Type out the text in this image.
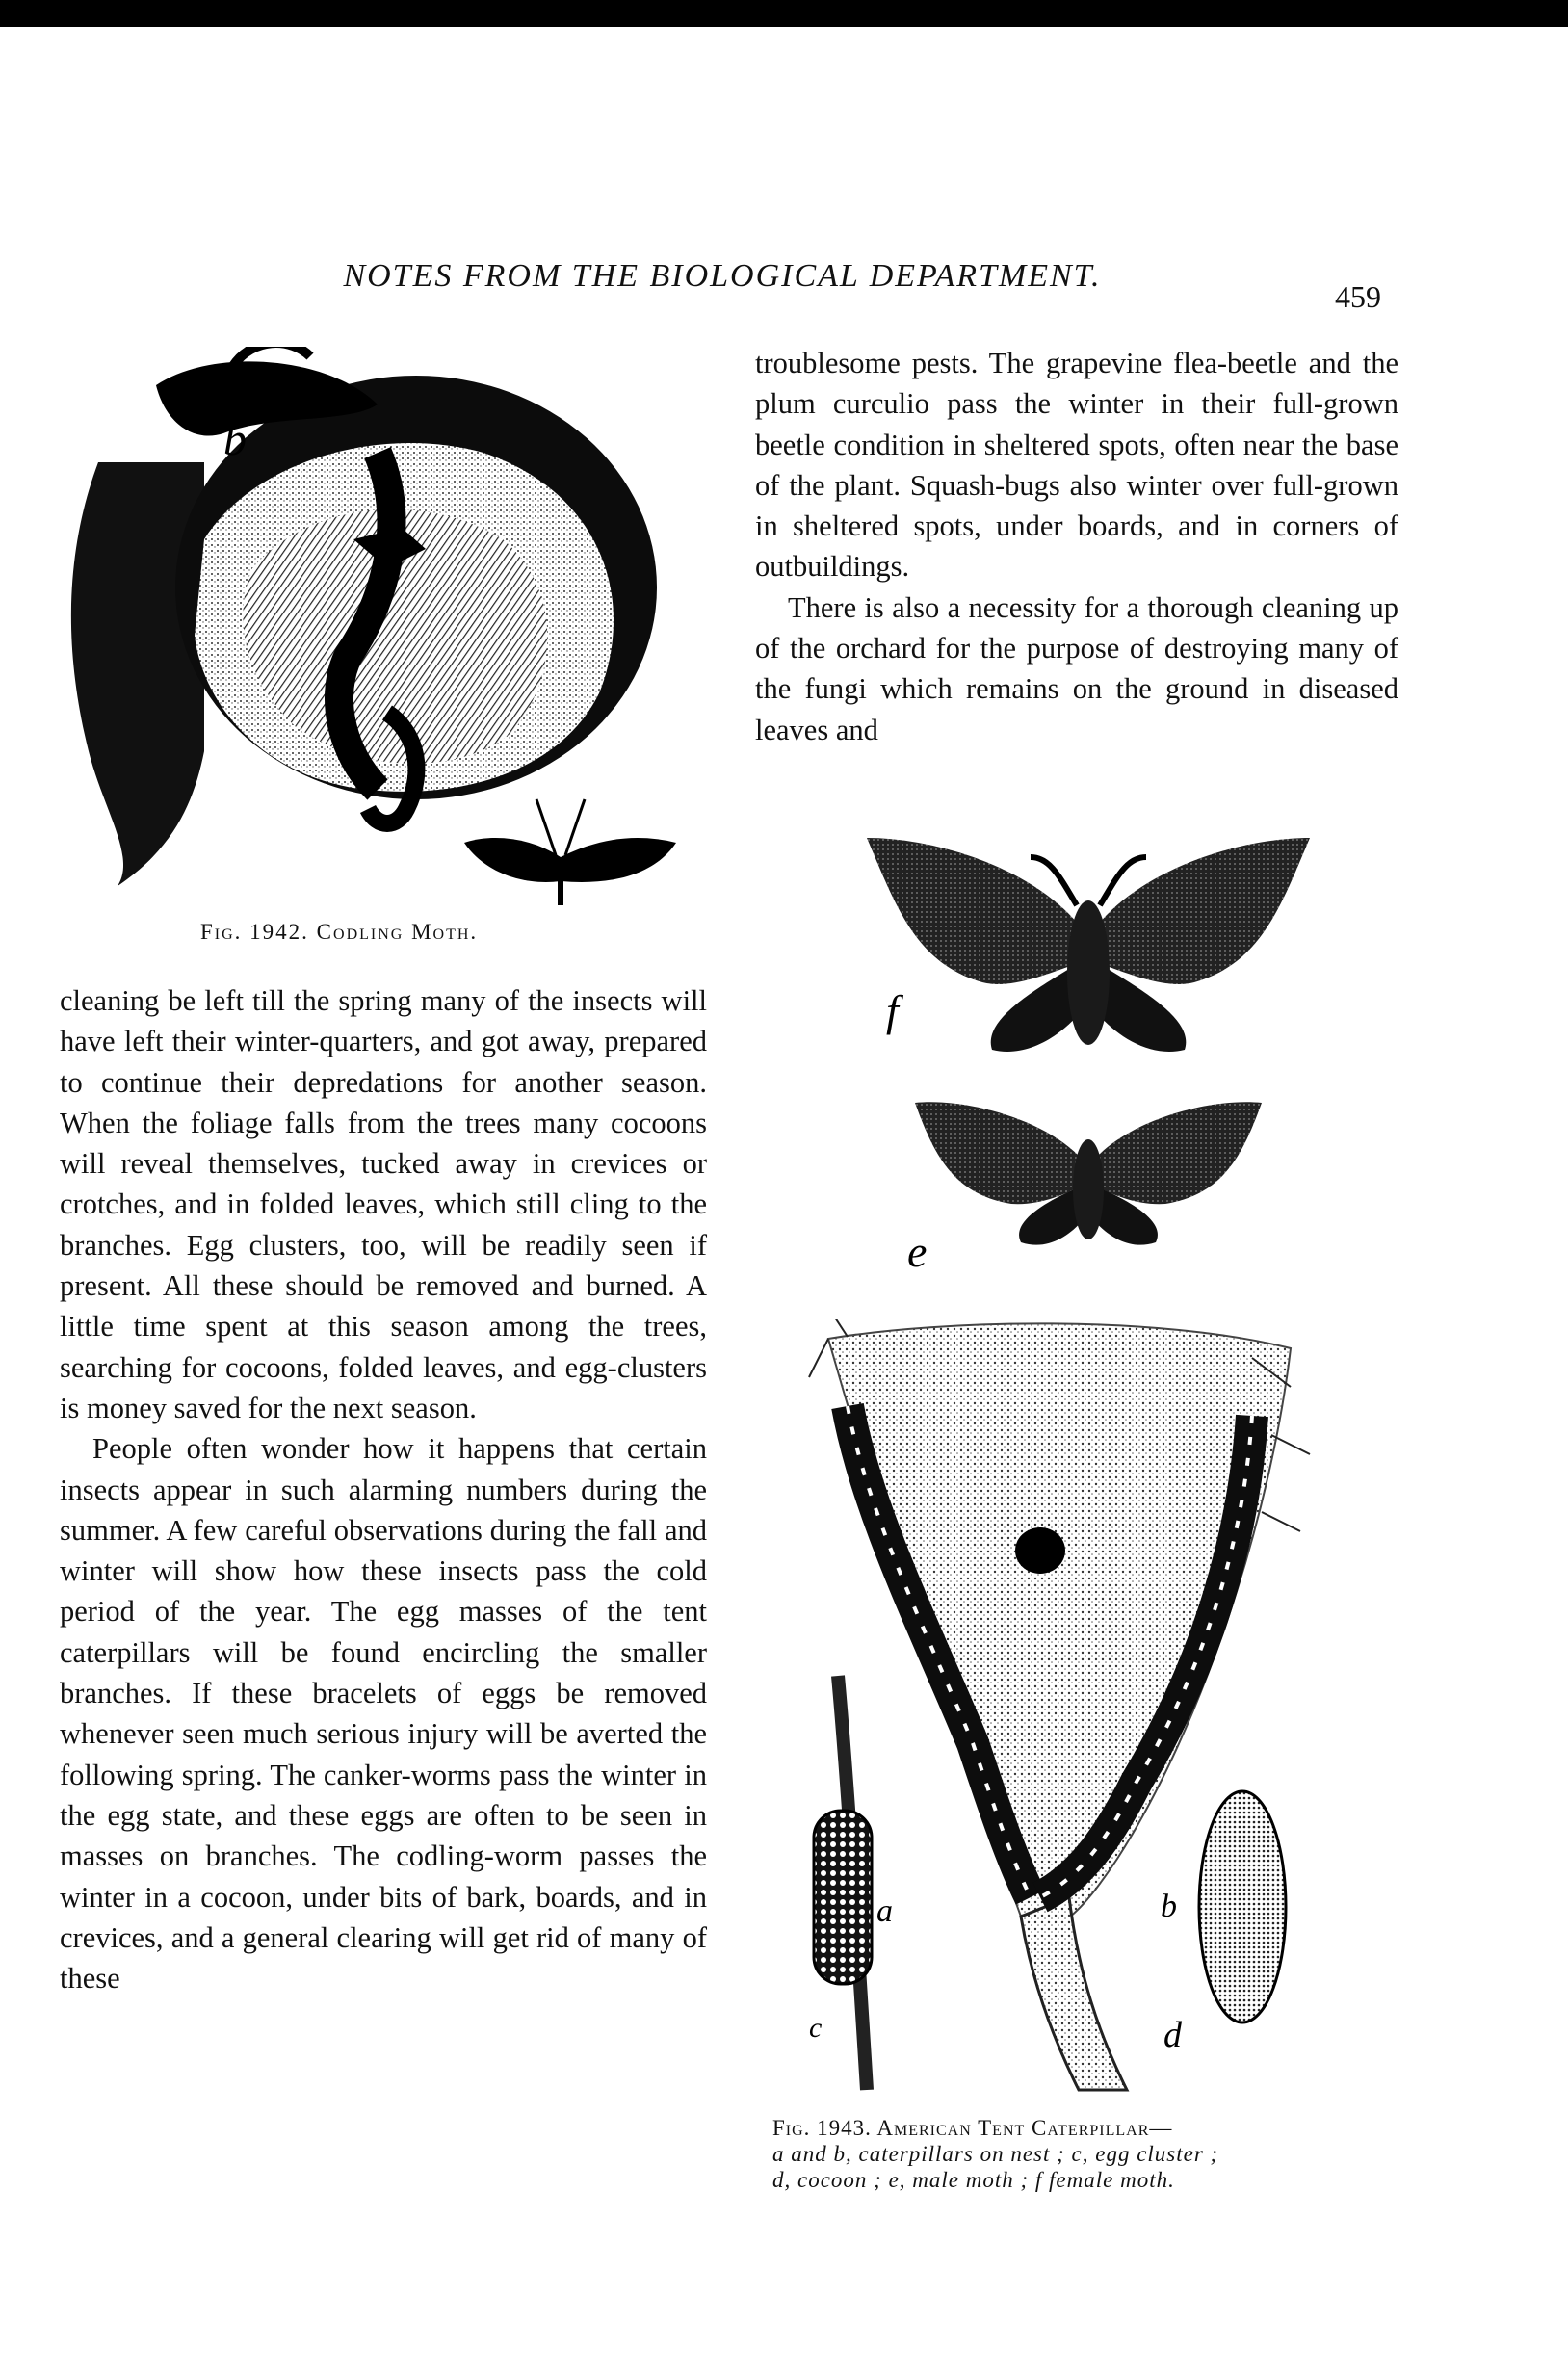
NOTES FROM THE BIOLOGICAL DEPARTMENT.
459
b
Fig. 1942. Codling Moth.

troublesome pests. The grapevine flea-beetle and the plum curculio pass the winter in their full-grown beetle condition in sheltered spots, often near the base of the plant. Squash-bugs also winter over full-grown in sheltered spots, under boards, and in corners of outbuildings.

There is also a necessity for a thorough cleaning up of the orchard for the purpose of destroying many of the fungi which remains on the ground in diseased leaves and

f
e
a	b
c	d
Fig. 1943. American Tent Caterpillar—
a and b, caterpillars on nest ; c, egg cluster ;
d, cocoon ; e, male moth ; f female moth.

cleaning be left till the spring many of the insects will have left their winter-quarters, and got away, prepared to continue their depredations for another season. When the foliage falls from the trees many cocoons will reveal themselves, tucked away in crevices or crotches, and in folded leaves, which still cling to the branches. Egg clusters, too, will be readily seen if present. All these should be removed and burned. A little time spent at this season among the trees, searching for cocoons, folded leaves, and egg-clusters is money saved for the next season.

People often wonder how it happens that certain insects appear in such alarming numbers during the summer. A few careful observations during the fall and winter will show how these insects pass the cold period of the year. The egg masses of the tent caterpillars will be found encircling the smaller branches. If these bracelets of eggs be removed whenever seen much serious injury will be averted the following spring. The canker-worms pass the winter in the egg state, and these eggs are often to be seen in masses on branches. The codling-worm passes the winter in a cocoon, under bits of bark, boards, and in crevices, and a general clearing will get rid of many of these
